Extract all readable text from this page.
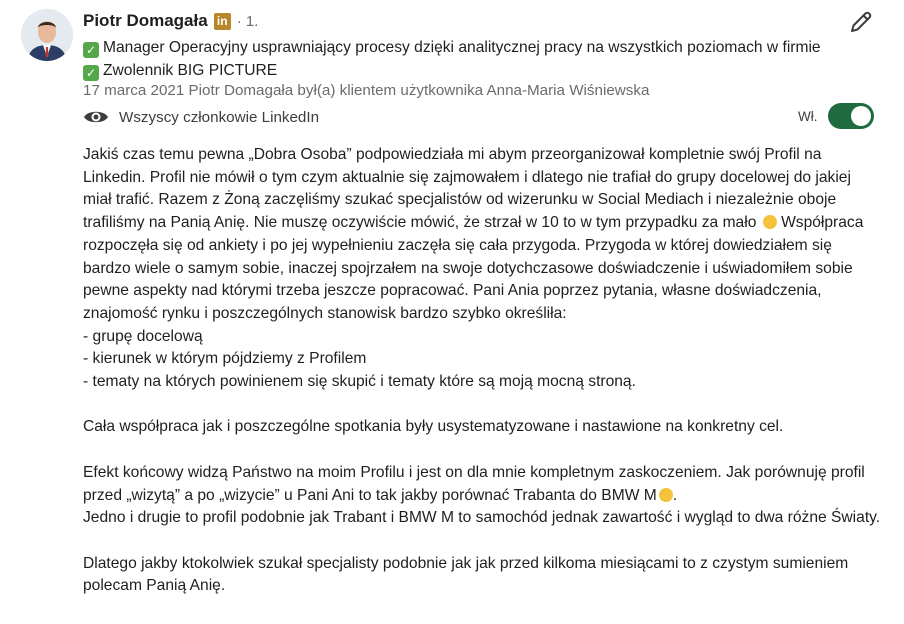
Piotr Domagała in · 1.
✓ Manager Operacyjny usprawniający procesy dzięki analitycznej pracy na wszystkich poziomach w firmie ✓ Zwolennik BIG PICTURE
17 marca 2021 Piotr Domagała był(a) klientem użytkownika Anna-Maria Wiśniewska
Wszyscy członkowie LinkedIn	Wł.

Jakiś czas temu pewna „Dobra Osoba” podpowiedziała mi abym przeorganizował kompletnie swój Profil na Linkedin. Profil nie mówił o tym czym aktualnie się zajmowałem i dlatego nie trafiał do grupy docelowej do jakiej miał trafić. Razem z Żoną zaczęliśmy szukać specjalistów od wizerunku w Social Mediach i niezależnie oboje trafiliśmy na Panią Anię. Nie muszę oczywiście mówić, że strzał w 10 to w tym przypadku za mało Współpraca rozpoczęła się od ankiety i po jej wypełnieniu zaczęła się cała przygoda. Przygoda w której dowiedziałem się bardzo wiele o samym sobie, inaczej spojrzałem na swoje dotychczasowe doświadczenie i uświadomiłem sobie pewne aspekty nad którymi trzeba jeszcze popracować. Pani Ania poprzez pytania, własne doświadczenia, znajomość rynku i poszczególnych stanowisk bardzo szybko określiła:

- grupę docelową

- kierunek w którym pójdziemy z Profilem

- tematy na których powinienem się skupić i tematy które są moją mocną stroną.

Cała współpraca jak i poszczególne spotkania były usystematyzowane i nastawione na konkretny cel.

Efekt końcowy widzą Państwo na moim Profilu i jest on dla mnie kompletnym zaskoczeniem. Jak porównuję profil przed „wizytą” a po „wizycie” u Pani Ani to tak jakby porównać Trabanta do BMW M .
Jedno i drugie to profil podobnie jak Trabant i BMW M to samochód jednak zawartość i wygląd to dwa różne Światy.

Dlatego jakby ktokolwiek szukał specjalisty podobnie jak jak przed kilkoma miesiącami to z czystym sumieniem polecam Panią Anię.
